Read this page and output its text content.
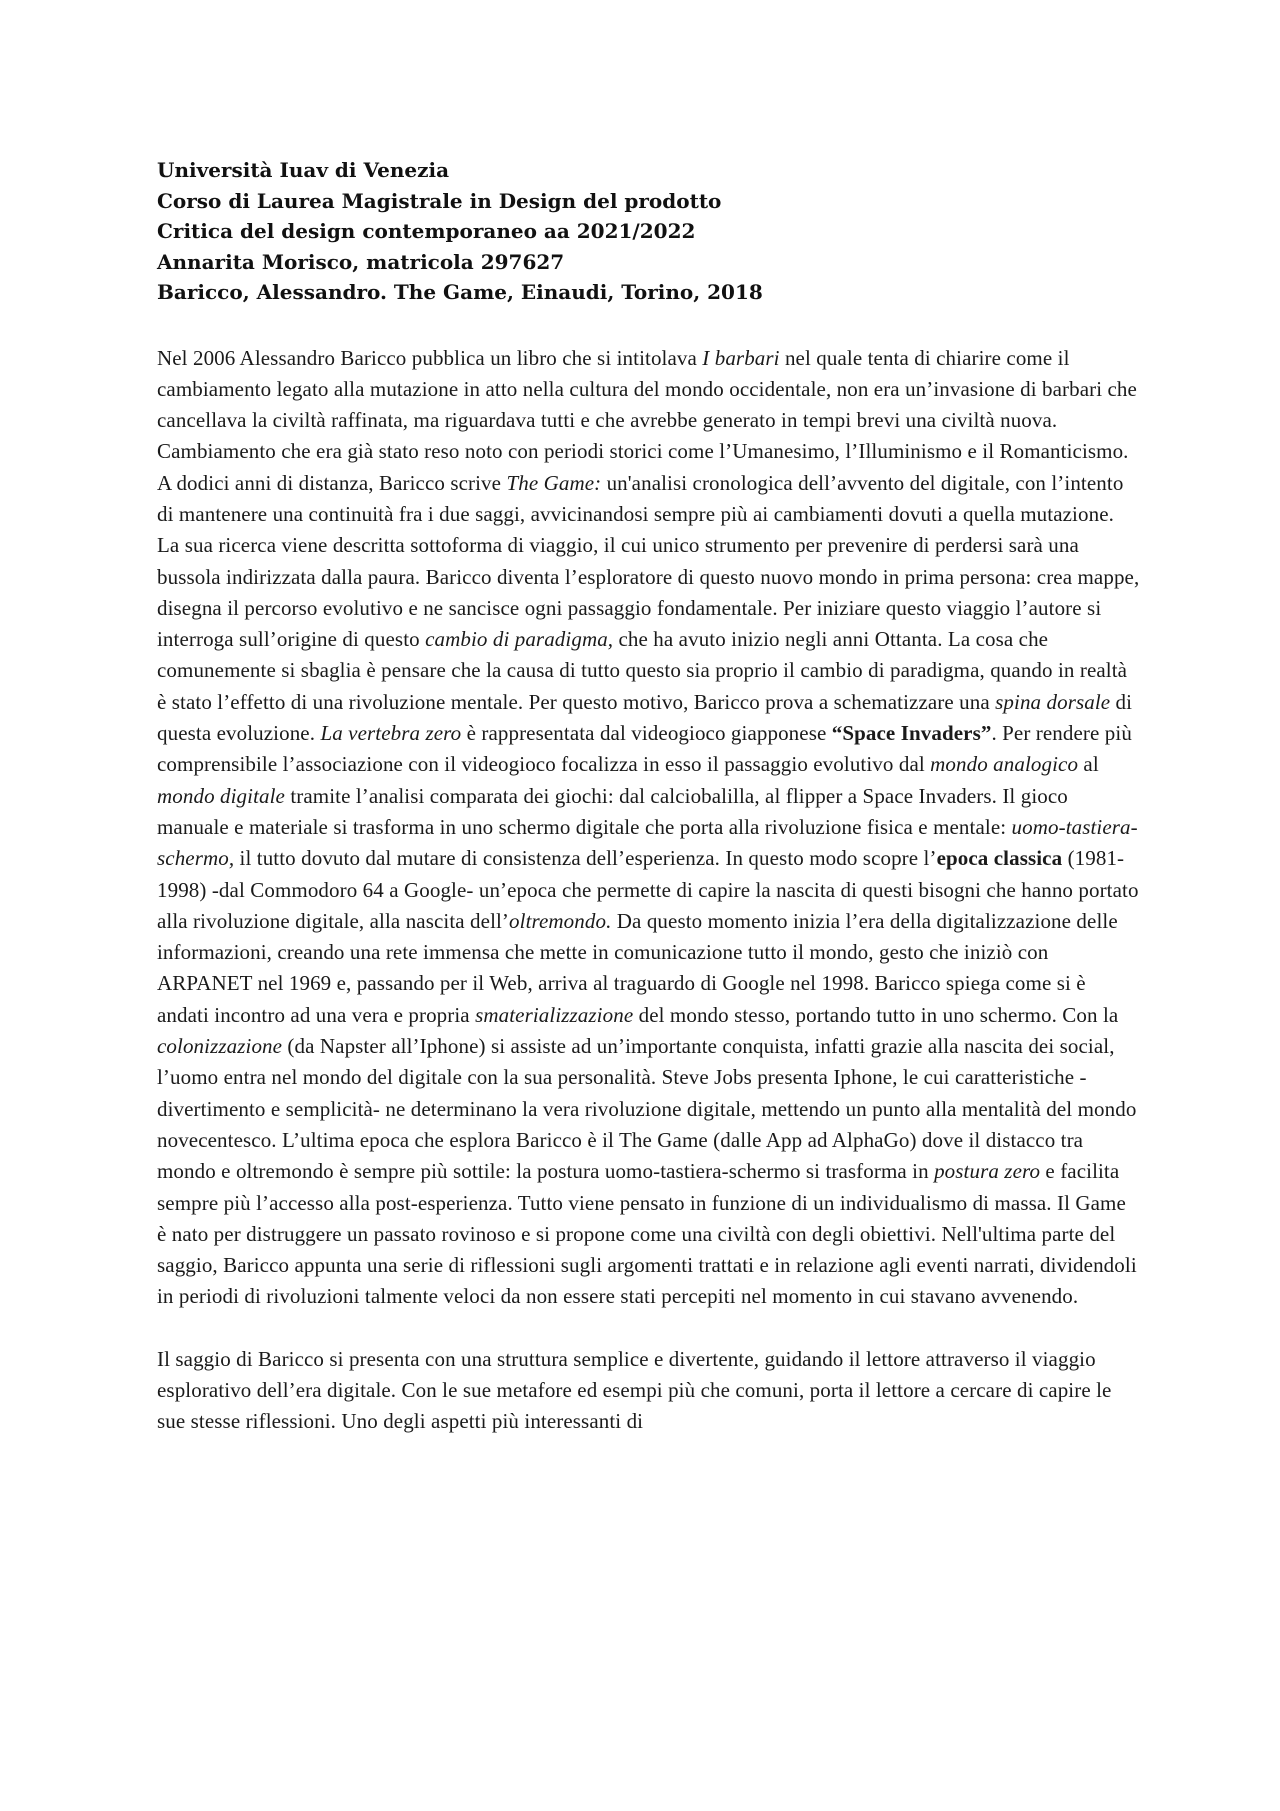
Università Iuav di Venezia
Corso di Laurea Magistrale in Design del prodotto
Critica del design contemporaneo aa 2021/2022
Annarita Morisco, matricola 297627
Baricco, Alessandro. The Game, Einaudi, Torino, 2018

Nel 2006 Alessandro Baricco pubblica un libro che si intitolava I barbari nel quale tenta di chiarire come il cambiamento legato alla mutazione in atto nella cultura del mondo occidentale, non era un’invasione di barbari che cancellava la civiltà raffinata, ma riguardava tutti e che avrebbe generato in tempi brevi una civiltà nuova. Cambiamento che era già stato reso noto con periodi storici come l’Umanesimo, l’Illuminismo e il Romanticismo. A dodici anni di distanza, Baricco scrive The Game: un'analisi cronologica dell’avvento del digitale, con l’intento di mantenere una continuità fra i due saggi, avvicinandosi sempre più ai cambiamenti dovuti a quella mutazione. La sua ricerca viene descritta sottoforma di viaggio, il cui unico strumento per prevenire di perdersi sarà una bussola indirizzata dalla paura. Baricco diventa l’esploratore di questo nuovo mondo in prima persona: crea mappe, disegna il percorso evolutivo e ne sancisce ogni passaggio fondamentale. Per iniziare questo viaggio l’autore si interroga sull’origine di questo cambio di paradigma, che ha avuto inizio negli anni Ottanta. La cosa che comunemente si sbaglia è pensare che la causa di tutto questo sia proprio il cambio di paradigma, quando in realtà è stato l’effetto di una rivoluzione mentale. Per questo motivo, Baricco prova a schematizzare una spina dorsale di questa evoluzione. La vertebra zero è rappresentata dal videogioco giapponese “Space Invaders”. Per rendere più comprensibile l’associazione con il videogioco focalizza in esso il passaggio evolutivo dal mondo analogico al mondo digitale tramite l’analisi comparata dei giochi: dal calciobalilla, al flipper a Space Invaders. Il gioco manuale e materiale si trasforma in uno schermo digitale che porta alla rivoluzione fisica e mentale: uomo-tastiera-schermo, il tutto dovuto dal mutare di consistenza dell’esperienza. In questo modo scopre l’epoca classica (1981-1998) -dal Commodoro 64 a Google- un’epoca che permette di capire la nascita di questi bisogni che hanno portato alla rivoluzione digitale, alla nascita dell’oltremondo. Da questo momento inizia l’era della digitalizzazione delle informazioni, creando una rete immensa che mette in comunicazione tutto il mondo, gesto che iniziò con ARPANET nel 1969 e, passando per il Web, arriva al traguardo di Google nel 1998. Baricco spiega come si è andati incontro ad una vera e propria smaterializzazione del mondo stesso, portando tutto in uno schermo. Con la colonizzazione (da Napster all’Iphone) si assiste ad un’importante conquista, infatti grazie alla nascita dei social, l’uomo entra nel mondo del digitale con la sua personalità. Steve Jobs presenta Iphone, le cui caratteristiche -divertimento e semplicità- ne determinano la vera rivoluzione digitale, mettendo un punto alla mentalità del mondo novecentesco. L’ultima epoca che esplora Baricco è il The Game (dalle App ad AlphaGo) dove il distacco tra mondo e oltremondo è sempre più sottile: la postura uomo-tastiera-schermo si trasforma in postura zero e facilita sempre più l’accesso alla post-esperienza. Tutto viene pensato in funzione di un individualismo di massa. Il Game è nato per distruggere un passato rovinoso e si propone come una civiltà con degli obiettivi. Nell'ultima parte del saggio, Baricco appunta una serie di riflessioni sugli argomenti trattati e in relazione agli eventi narrati, dividendoli in periodi di rivoluzioni talmente veloci da non essere stati percepiti nel momento in cui stavano avvenendo.

Il saggio di Baricco si presenta con una struttura semplice e divertente, guidando il lettore attraverso il viaggio esplorativo dell’era digitale. Con le sue metafore ed esempi più che comuni, porta il lettore a cercare di capire le sue stesse riflessioni. Uno degli aspetti più interessanti di
